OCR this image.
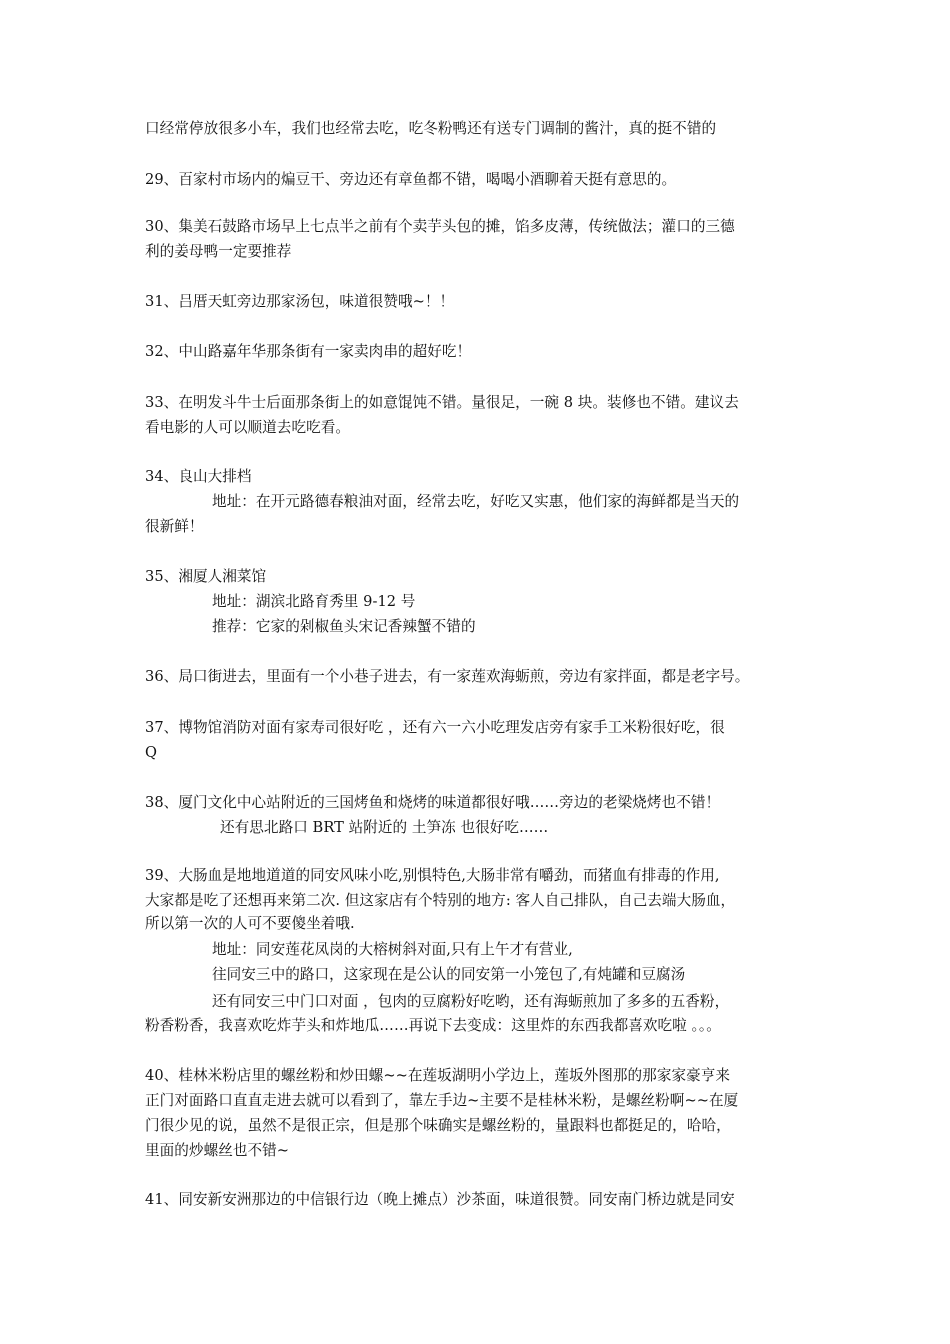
口经常停放很多小车，我们也经常去吃，吃冬粉鸭还有送专门调制的酱汁，真的挺不错的
29、百家村市场内的煸豆干、旁边还有章鱼都不错，喝喝小酒聊着天挺有意思的。
30、集美石鼓路市场早上七点半之前有个卖芋头包的摊，馅多皮薄，传统做法；灌口的三德
利的姜母鸭一定要推荐
31、吕厝天虹旁边那家汤包，味道很赞哦~！！
32、中山路嘉年华那条街有一家卖肉串的超好吃！
33、在明发斗牛士后面那条街上的如意馄饨不错。量很足，一碗 8 块。装修也不错。建议去
看电影的人可以顺道去吃吃看。
34、良山大排档
地址：在开元路德春粮油对面，经常去吃，好吃又实惠，他们家的海鲜都是当天的
很新鲜！
35、湘厦人湘菜馆
地址：湖滨北路育秀里 9-12 号
推荐：它家的剁椒鱼头宋记香辣蟹不错的
36、局口街进去，里面有一个小巷子进去，有一家莲欢海蛎煎，旁边有家拌面，都是老字号。
37、博物馆消防对面有家寿司很好吃 ，还有六一六小吃理发店旁有家手工米粉很好吃，很
Q
38、厦门文化中心站附近的三国烤鱼和烧烤的味道都很好哦……旁边的老梁烧烤也不错！
还有思北路口 BRT 站附近的 土笋冻 也很好吃……
39、大肠血是地地道道的同安风味小吃,别惧特色,大肠非常有嚼劲，而猪血有排毒的作用,
大家都是吃了还想再来第二次. 但这家店有个特别的地方: 客人自己排队，自己去端大肠血，
所以第一次的人可不要傻坐着哦.
地址：同安莲花凤岗的大榕树斜对面,只有上午才有营业,
往同安三中的路口，这家现在是公认的同安第一小笼包了,有炖罐和豆腐汤
还有同安三中门口对面 ，包肉的豆腐粉好吃哟，还有海蛎煎加了多多的五香粉，
粉香粉香，我喜欢吃炸芋头和炸地瓜……再说下去变成：这里炸的东西我都喜欢吃啦 。。。
40、桂林米粉店里的螺丝粉和炒田螺~~在莲坂湖明小学边上，莲坂外图那的那家家豪亨来
正门对面路口直直走进去就可以看到了，靠左手边~主要不是桂林米粉，是螺丝粉啊~~在厦
门很少见的说，虽然不是很正宗，但是那个味确实是螺丝粉的，量跟料也都挺足的，哈哈，
里面的炒螺丝也不错~
41、同安新安洲那边的中信银行边（晚上摊点）沙茶面，味道很赞。同安南门桥边就是同安
